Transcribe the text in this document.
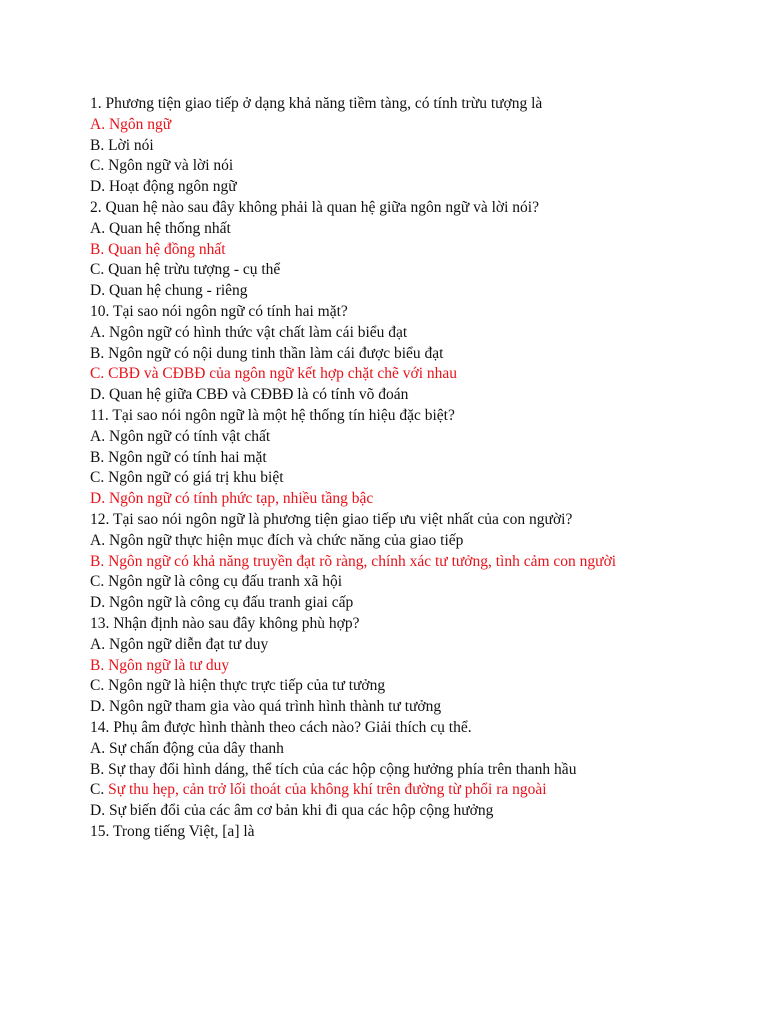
1. Phương tiện giao tiếp ở dạng khả năng tiềm tàng, có tính trừu tượng là
A. Ngôn ngữ
B. Lời nói
C. Ngôn ngữ và lời nói
D. Hoạt động ngôn ngữ
2. Quan hệ nào sau đây không phải là quan hệ giữa ngôn ngữ và lời nói?
A. Quan hệ thống nhất
B. Quan hệ đồng nhất
C. Quan hệ trừu tượng - cụ thể
D. Quan hệ chung - riêng
10. Tại sao nói ngôn ngữ có tính hai mặt?
A. Ngôn ngữ có hình thức vật chất làm cái biểu đạt
B. Ngôn ngữ có nội dung tinh thần làm cái được biểu đạt
C. CBĐ và CĐBĐ của ngôn ngữ kết hợp chặt chẽ với nhau
D. Quan hệ giữa CBĐ và CĐBĐ là có tính võ đoán
11. Tại sao nói ngôn ngữ là một hệ thống tín hiệu đặc biệt?
A. Ngôn ngữ có tính vật chất
B. Ngôn ngữ có tính hai mặt
C. Ngôn ngữ có giá trị khu biệt
D. Ngôn ngữ có tính phức tạp, nhiều tầng bậc
12. Tại sao nói ngôn ngữ là phương tiện giao tiếp ưu việt nhất của con người?
A. Ngôn ngữ thực hiện mục đích và chức năng của giao tiếp
B. Ngôn ngữ có khả năng truyền đạt rõ ràng, chính xác tư tưởng, tình cảm con người
C. Ngôn ngữ là công cụ đấu tranh xã hội
D. Ngôn ngữ là công cụ đấu tranh giai cấp
13. Nhận định nào sau đây không phù hợp?
A. Ngôn ngữ diễn đạt tư duy
B. Ngôn ngữ là tư duy
C. Ngôn ngữ là hiện thực trực tiếp của tư tưởng
D. Ngôn ngữ tham gia vào quá trình hình thành tư tưởng
14. Phụ âm được hình thành theo cách nào? Giải thích cụ thể.
A. Sự chấn động của dây thanh
B. Sự thay đổi hình dáng, thể tích của các hộp cộng hưởng phía trên thanh hầu
C. Sự thu hẹp, cản trở lối thoát của không khí trên đường từ phổi ra ngoài
D. Sự biến đổi của các âm cơ bản khi đi qua các hộp cộng hưởng
15. Trong tiếng Việt, [a] là
